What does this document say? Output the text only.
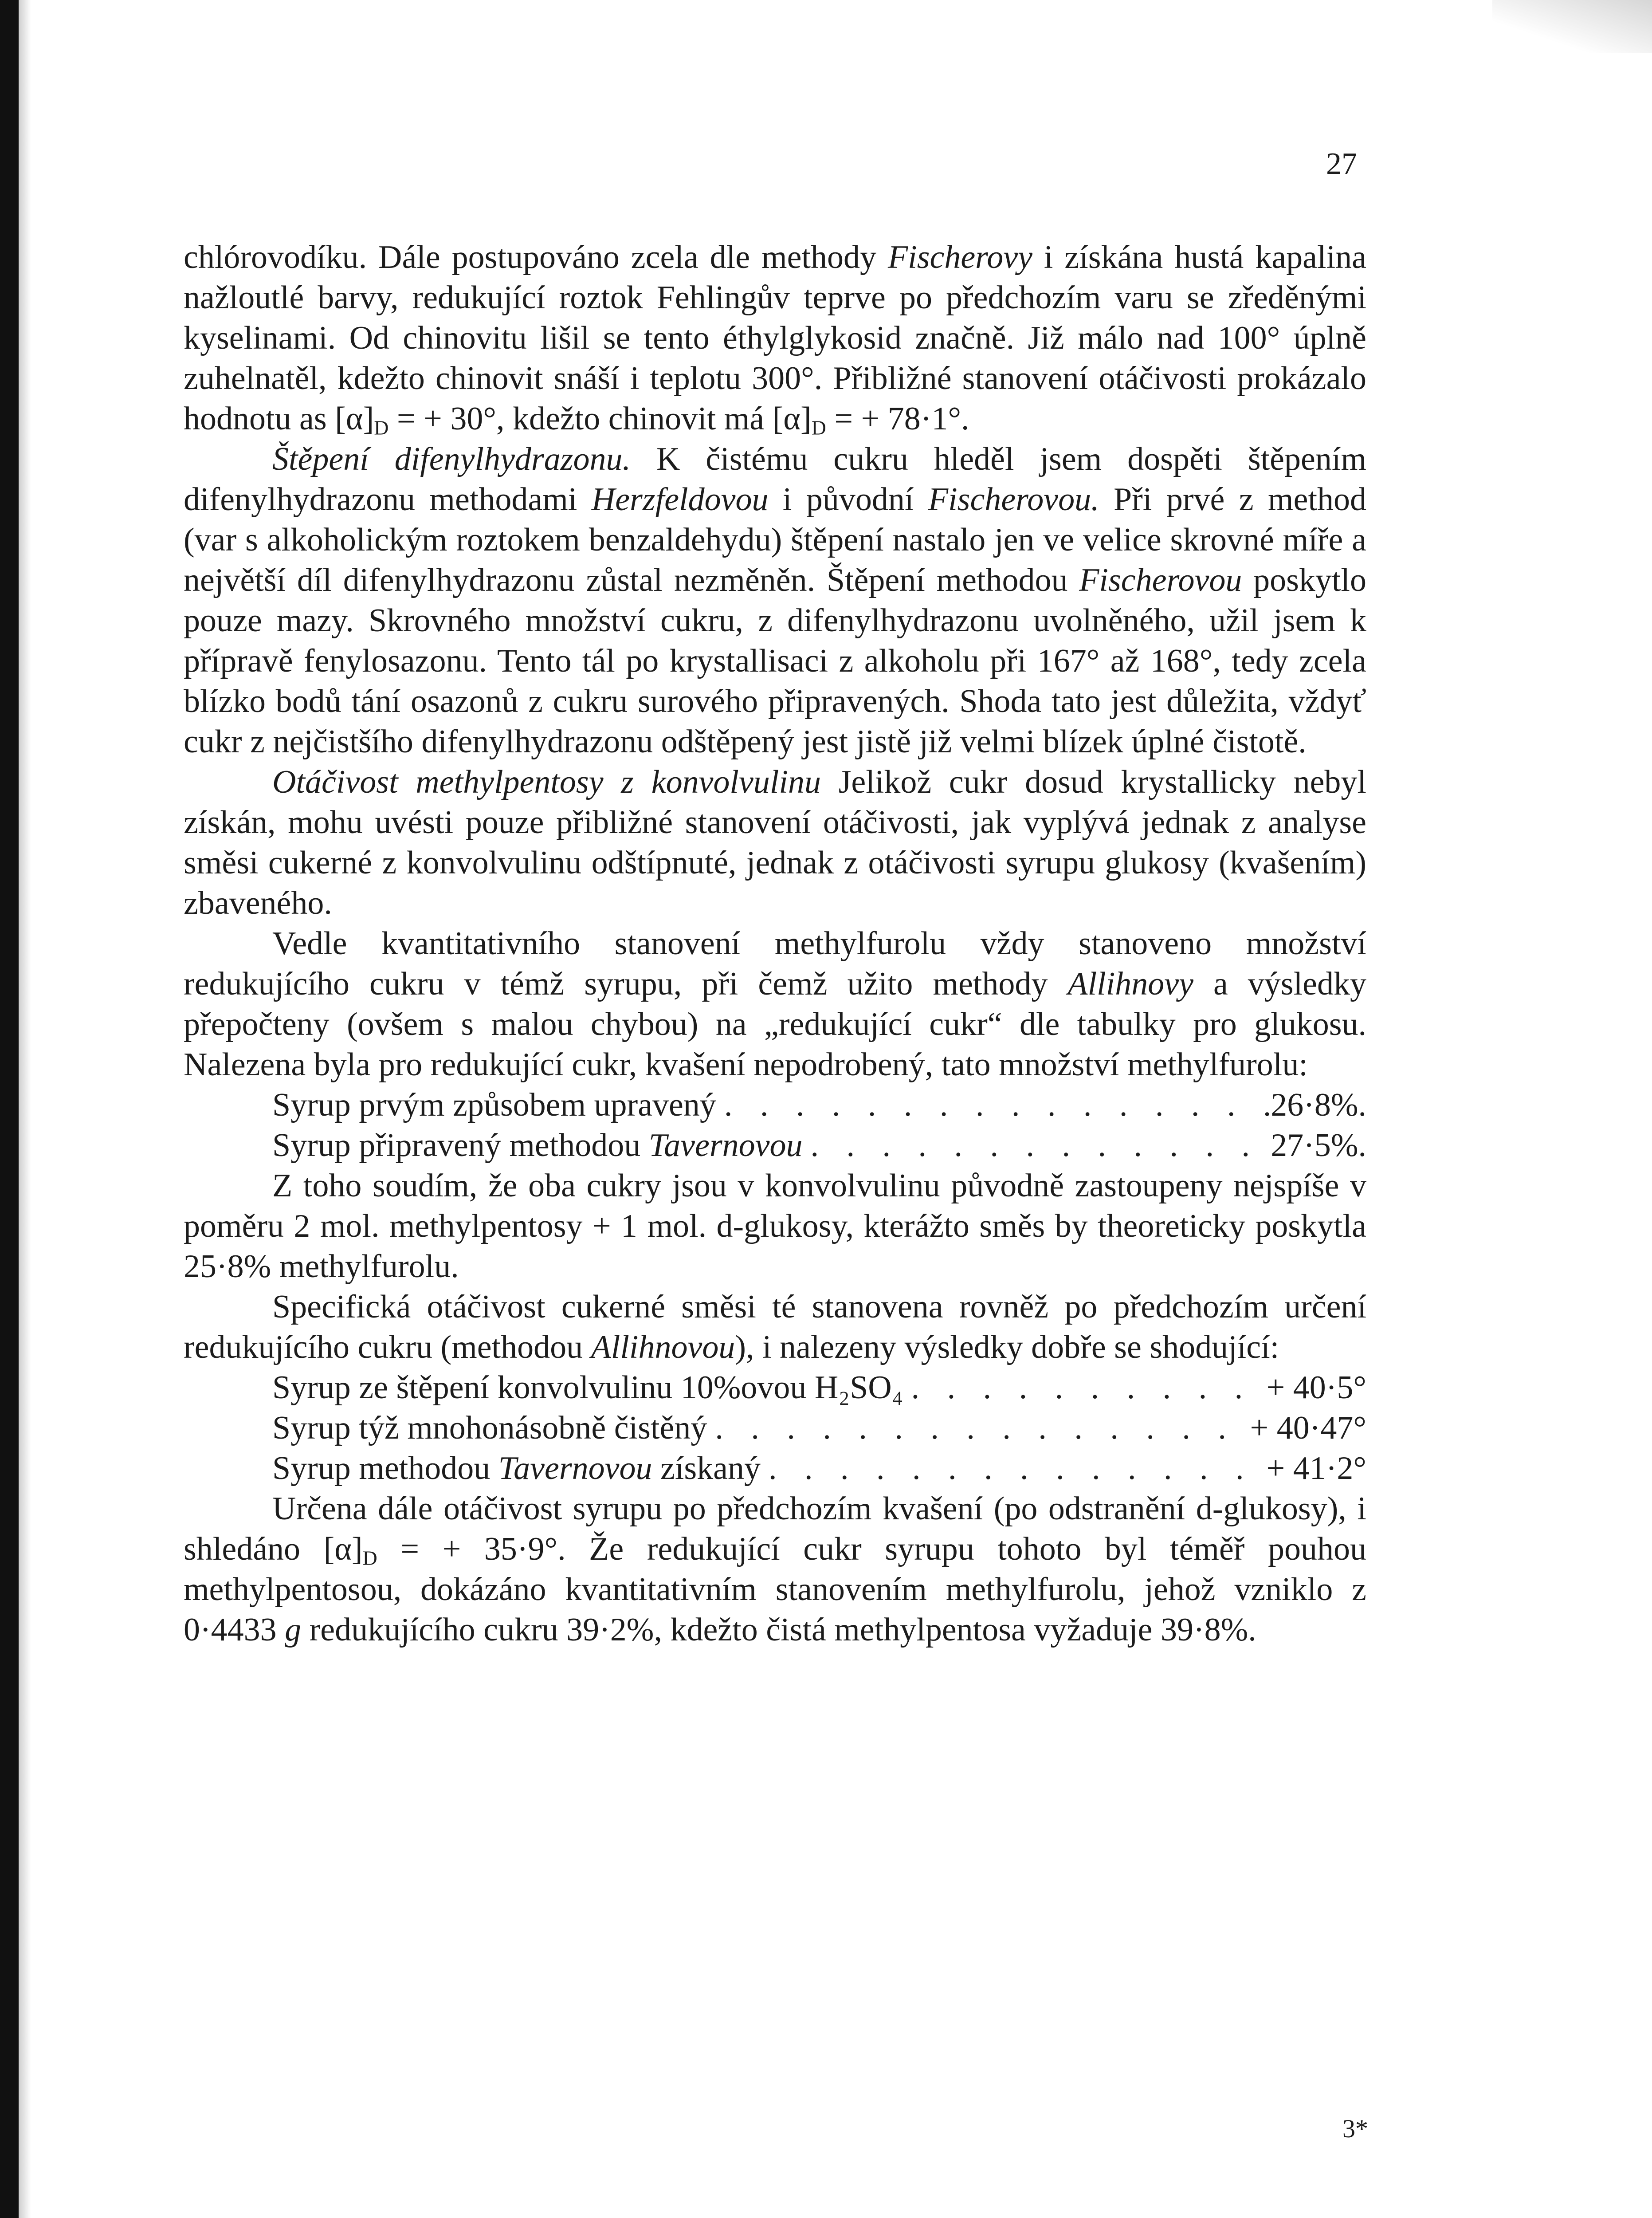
27

chlórovodíku. Dále postupováno zcela dle methody Fischerovy i získána hustá kapalina nažloutlé barvy, redukující roztok Fehlingův teprve po předchozím varu se zředěnými kyselinami. Od chinovitu lišil se tento éthylglykosid značně. Již málo nad 100° úplně zuhelnatěl, kdežto chinovit snáší i teplotu 300°. Přibližné stanovení otáčivosti prokázalo hodnotu as $[\alpha]_D$ = + 30°, kdežto chinovit má $[\alpha]_D$ = + 78·1°.

Štěpení difenylhydrazonu. K čistému cukru hleděl jsem dospěti štěpením difenylhydrazonu methodami Herzfeldovou i původní Fischerovou. Při prvé z method (var s alkoholickým roztokem benzaldehydu) štěpení nastalo jen ve velice skrovné míře a největší díl difenylhydrazonu zůstal nezměněn. Štěpení methodou Fischerovou poskytlo pouze mazy. Skrovného množství cukru, z difenylhydrazonu uvolněného, užil jsem k přípravě fenylosazonu. Tento tál po krystallisaci z alkoholu při 167° až 168°, tedy zcela blízko bodů tání osazonů z cukru surového připravených. Shoda tato jest důležita, vždyť cukr z nejčistšího difenylhydrazonu odštěpený jest jistě již velmi blízek úplné čistotě.

Otáčivost methylpentosy z konvolvulinu Jelikož cukr dosud krystallicky nebyl získán, mohu uvésti pouze přibližné stanovení otáčivosti, jak vyplývá jednak z analyse směsi cukerné z konvolvulinu odštípnuté, jednak z otáčivosti syrupu glukosy (kvašením) zbaveného.

Vedle kvantitativního stanovení methylfurolu vždy stanoveno množství redukujícího cukru v témž syrupu, při čemž užito methody Allihnovy a výsledky přepočteny (ovšem s malou chybou) na „redukující cukr“ dle tabulky pro glukosu. Nalezena byla pro redukující cukr, kvašení nepodrobený, tato množství methylfurolu:

Syrup prvým způsobem upravený . . .	26·8%.
Syrup připravený methodou Tavernovou . . .	27·5%.

Z toho soudím, že oba cukry jsou v konvolvulinu původně zastoupeny nejspíše v poměru 2 mol. methylpentosy + 1 mol. d-glukosy, kterážto směs by theoreticky poskytla 25·8% methylfurolu.

Specifická otáčivost cukerné směsi té stanovena rovněž po předchozím určení redukujícího cukru (methodou Allihnovou), i nalezeny výsledky dobře se shodující:

Syrup ze štěpení konvolvulinu 10%ovou H₂SO₄ . . .	+ 40·5°
Syrup týž mnohonásobně čistěný . . .	+ 40·47°
Syrup methodou Tavernovou získaný . . .	+ 41·2°

Určena dále otáčivost syrupu po předchozím kvašení (po odstranění d-glukosy), i shledáno $[\alpha]_D$ = + 35·9°. Že redukující cukr syrupu tohoto byl téměř pouhou methylpentosou, dokázáno kvantitativním stanovením methylfurolu, jehož vzniklo z 0·4433 g redukujícího cukru 39·2%, kdežto čistá methylpentosa vyžaduje 39·8%.

3*
